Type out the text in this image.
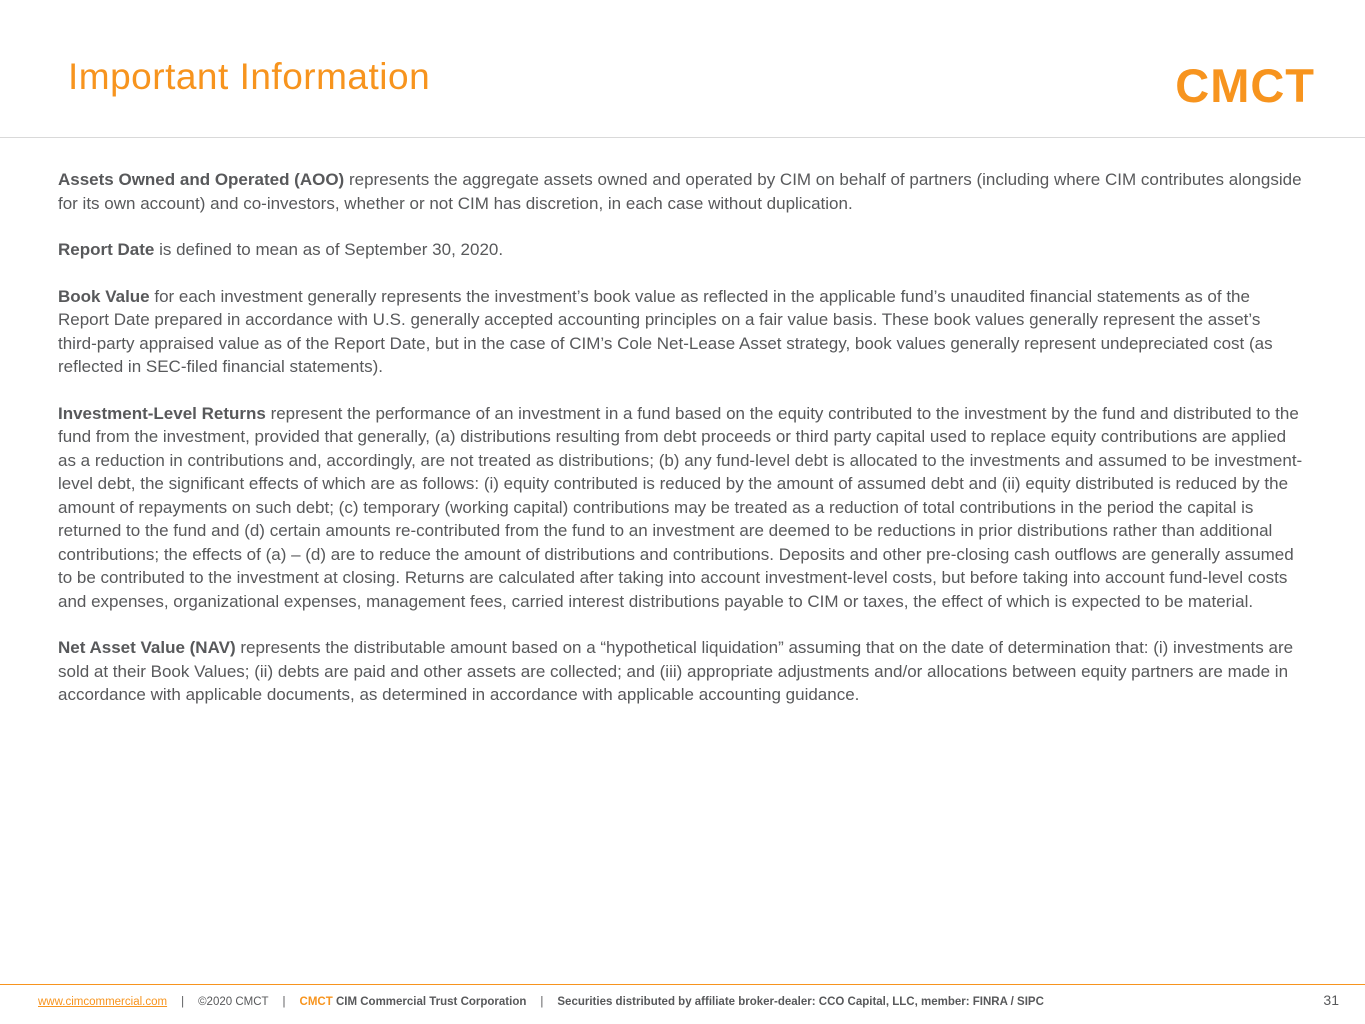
Important Information	CMCT

Assets Owned and Operated (AOO) represents the aggregate assets owned and operated by CIM on behalf of partners (including where CIM contributes alongside for its own account) and co-investors, whether or not CIM has discretion, in each case without duplication.

Report Date is defined to mean as of September 30, 2020.

Book Value for each investment generally represents the investment’s book value as reflected in the applicable fund’s unaudited financial statements as of the Report Date prepared in accordance with U.S. generally accepted accounting principles on a fair value basis. These book values generally represent the asset’s third-party appraised value as of the Report Date, but in the case of CIM’s Cole Net-Lease Asset strategy, book values generally represent undepreciated cost (as reflected in SEC-filed financial statements).

Investment-Level Returns represent the performance of an investment in a fund based on the equity contributed to the investment by the fund and distributed to the fund from the investment, provided that generally, (a) distributions resulting from debt proceeds or third party capital used to replace equity contributions are applied as a reduction in contributions and, accordingly, are not treated as distributions; (b) any fund-level debt is allocated to the investments and assumed to be investment-level debt, the significant effects of which are as follows: (i) equity contributed is reduced by the amount of assumed debt and (ii) equity distributed is reduced by the amount of repayments on such debt; (c) temporary (working capital) contributions may be treated as a reduction of total contributions in the period the capital is returned to the fund and (d) certain amounts re-contributed from the fund to an investment are deemed to be reductions in prior distributions rather than additional contributions; the effects of (a) – (d) are to reduce the amount of distributions and contributions. Deposits and other pre-closing cash outflows are generally assumed to be contributed to the investment at closing. Returns are calculated after taking into account investment-level costs, but before taking into account fund-level costs and expenses, organizational expenses, management fees, carried interest distributions payable to CIM or taxes, the effect of which is expected to be material.

Net Asset Value (NAV) represents the distributable amount based on a “hypothetical liquidation” assuming that on the date of determination that: (i) investments are sold at their Book Values; (ii) debts are paid and other assets are collected; and (iii) appropriate adjustments and/or allocations between equity partners are made in accordance with applicable documents, as determined in accordance with applicable accounting guidance.

www.cimcommercial.com | ©2020 CMCT | CMCT CIM Commercial Trust Corporation | Securities distributed by affiliate broker-dealer: CCO Capital, LLC, member: FINRA / SIPC	31
